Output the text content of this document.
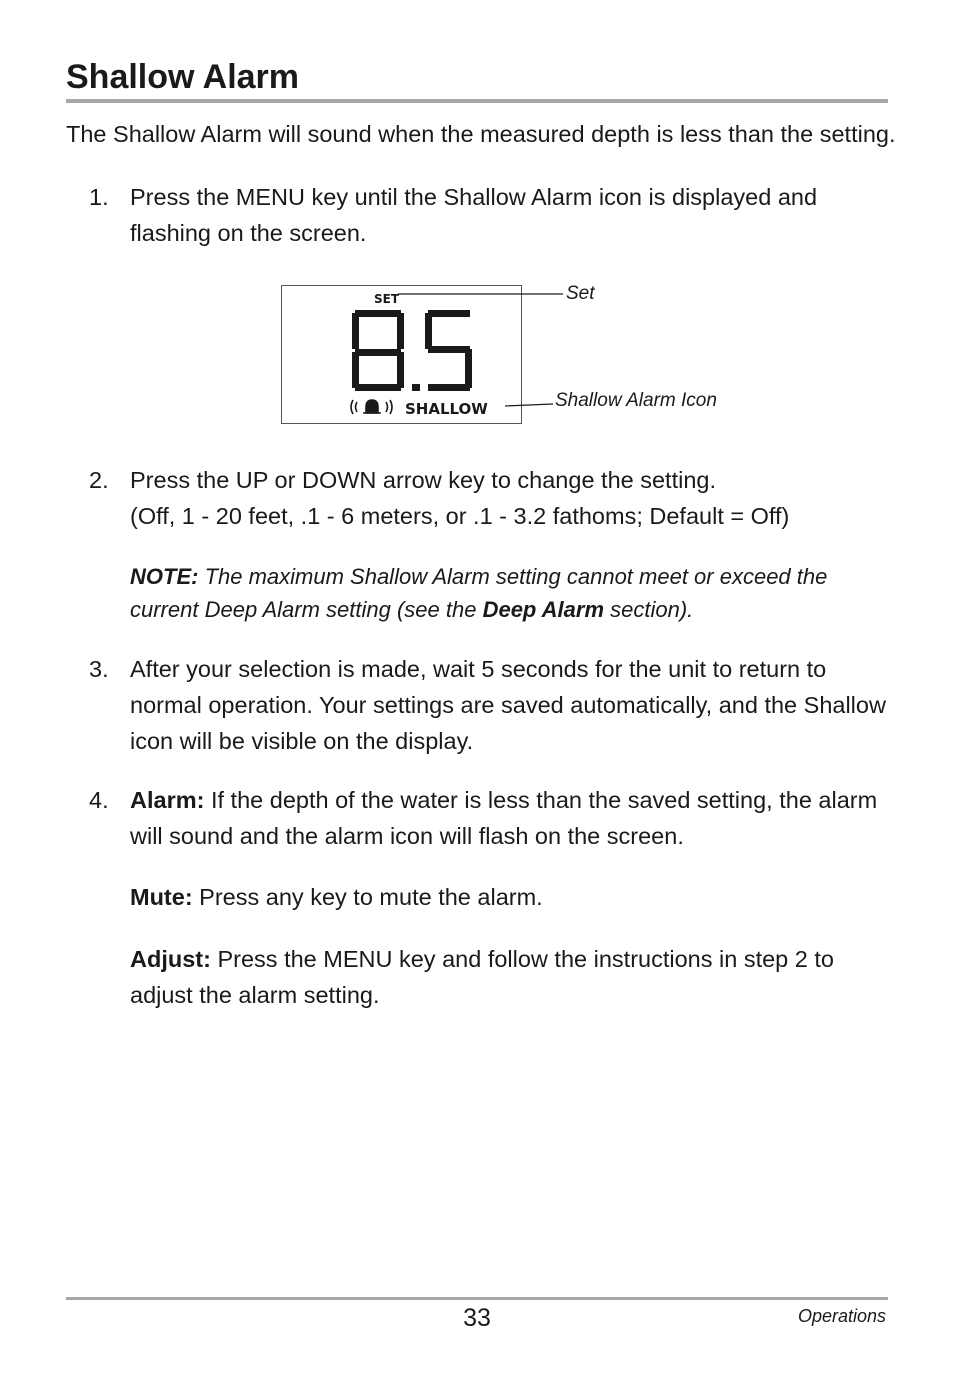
Shallow Alarm
The Shallow Alarm will sound when the measured depth is less than the setting.
1. Press the MENU key until the Shallow Alarm icon is displayed and flashing on the screen.
SET
SHALLOW
Set
Shallow Alarm Icon
2. Press the UP or DOWN arrow key to change the setting.
(Off, 1 - 20 feet, .1 - 6 meters, or .1 - 3.2 fathoms; Default = Off)
NOTE: The maximum Shallow Alarm setting cannot meet or exceed the current Deep Alarm setting (see the Deep Alarm section).
3. After your selection is made, wait 5 seconds for the unit to return to normal operation. Your settings are saved automatically, and the Shallow icon will be visible on the display.
4. Alarm: If the depth of the water is less than the saved setting, the alarm will sound and the alarm icon will flash on the screen.
Mute: Press any key to mute the alarm.
Adjust: Press the MENU key and follow the instructions in step 2 to adjust the alarm setting.
33	Operations
